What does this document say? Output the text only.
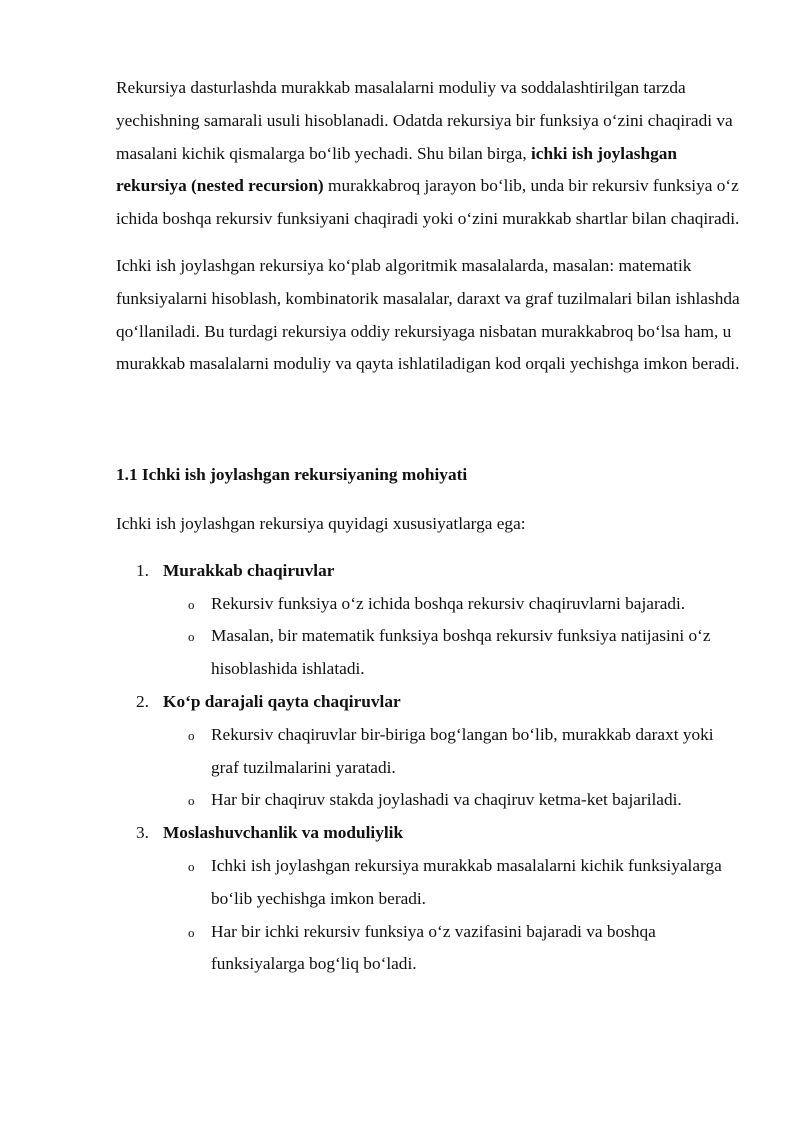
Rekursiya dasturlashda murakkab masalalarni moduliy va soddalashtirilgan tarzda yechishning samarali usuli hisoblanadi. Odatda rekursiya bir funksiya o‘zini chaqiradi va masalani kichik qismalarga bo‘lib yechadi. Shu bilan birga, ichki ish joylashgan rekursiya (nested recursion) murakkabroq jarayon bo‘lib, unda bir rekursiv funksiya o‘z ichida boshqa rekursiv funksiyani chaqiradi yoki o‘zini murakkab shartlar bilan chaqiradi.

Ichki ish joylashgan rekursiya ko‘plab algoritmik masalalarda, masalan: matematik funksiyalarni hisoblash, kombinatorik masalalar, daraxt va graf tuzilmalari bilan ishlashda qo‘llaniladi. Bu turdagi rekursiya oddiy rekursiyaga nisbatan murakkabroq bo‘lsa ham, u murakkab masalalarni moduliy va qayta ishlatiladigan kod orqali yechishga imkon beradi.

1.1 Ichki ish joylashgan rekursiyaning mohiyati

Ichki ish joylashgan rekursiya quyidagi xususiyatlarga ega:

1. Murakkab chaqiruvlar
o Rekursiv funksiya o‘z ichida boshqa rekursiv chaqiruvlarni bajaradi.
o Masalan, bir matematik funksiya boshqa rekursiv funksiya natijasini o‘z hisoblashida ishlatadi.
2. Ko‘p darajali qayta chaqiruvlar
o Rekursiv chaqiruvlar bir-biriga bog‘langan bo‘lib, murakkab daraxt yoki graf tuzilmalarini yaratadi.
o Har bir chaqiruv stakda joylashadi va chaqiruv ketma-ket bajariladi.
3. Moslashuvchanlik va moduliylik
o Ichki ish joylashgan rekursiya murakkab masalalarni kichik funksiyalarga bo‘lib yechishga imkon beradi.
o Har bir ichki rekursiv funksiya o‘z vazifasini bajaradi va boshqa funksiyalarga bog‘liq bo‘ladi.
